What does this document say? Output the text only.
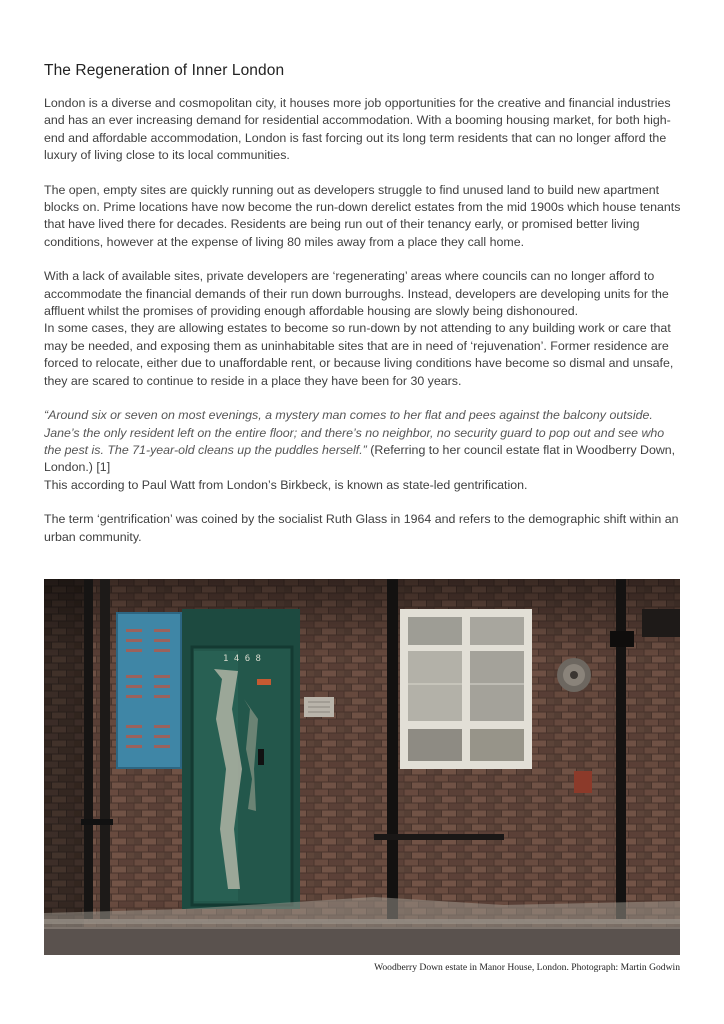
The Regeneration of Inner London

London is a diverse and cosmopolitan city, it houses more job opportunities for the creative and financial industries and has an ever increasing demand for residential accommodation. With a booming housing market, for both high-end and affordable accommodation, London is fast forcing out its long term residents that can no longer afford the luxury of living close to its local communities.

The open, empty sites are quickly running out as developers struggle to find unused land to build new apartment blocks on. Prime locations have now become the run-down derelict estates from the mid 1900s which house tenants that have lived there for decades. Residents are being run out of their tenancy early, or promised better living conditions, however at the expense of living 80 miles away from a place they call home.

With a lack of available sites, private developers are ‘regenerating’ areas where councils can no longer afford to accommodate the financial demands of their run down burroughs. Instead, developers are developing units for the affluent whilst the promises of providing enough affordable housing are slowly being dishonoured.

In some cases, they are allowing estates to become so run-down by not attending to any building work or care that may be needed, and exposing them as uninhabitable sites that are in need of ‘rejuvenation’. Former residence are forced to relocate, either due to unaffordable rent, or because living conditions have become so dismal and unsafe, they are scared to continue to reside in a place they have been for 30 years.

“Around six or seven on most evenings, a mystery man comes to her flat and pees against the balcony outside. Jane’s the only resident left on the entire floor; and there’s no neighbor, no security guard to pop out and see who the pest is. The 71-year-old cleans up the puddles herself.” (Referring to her council estate flat in Woodberry Down, London.) [1]

This according to Paul Watt from London’s Birkbeck, is known as state-led gentrification.

The term ‘gentrification’ was coined by the socialist Ruth Glass in 1964 and refers to the demographic shift within an urban community.

1 4 6 8
Woodberry Down estate in Manor House, London. Photograph: Martin Godwin
